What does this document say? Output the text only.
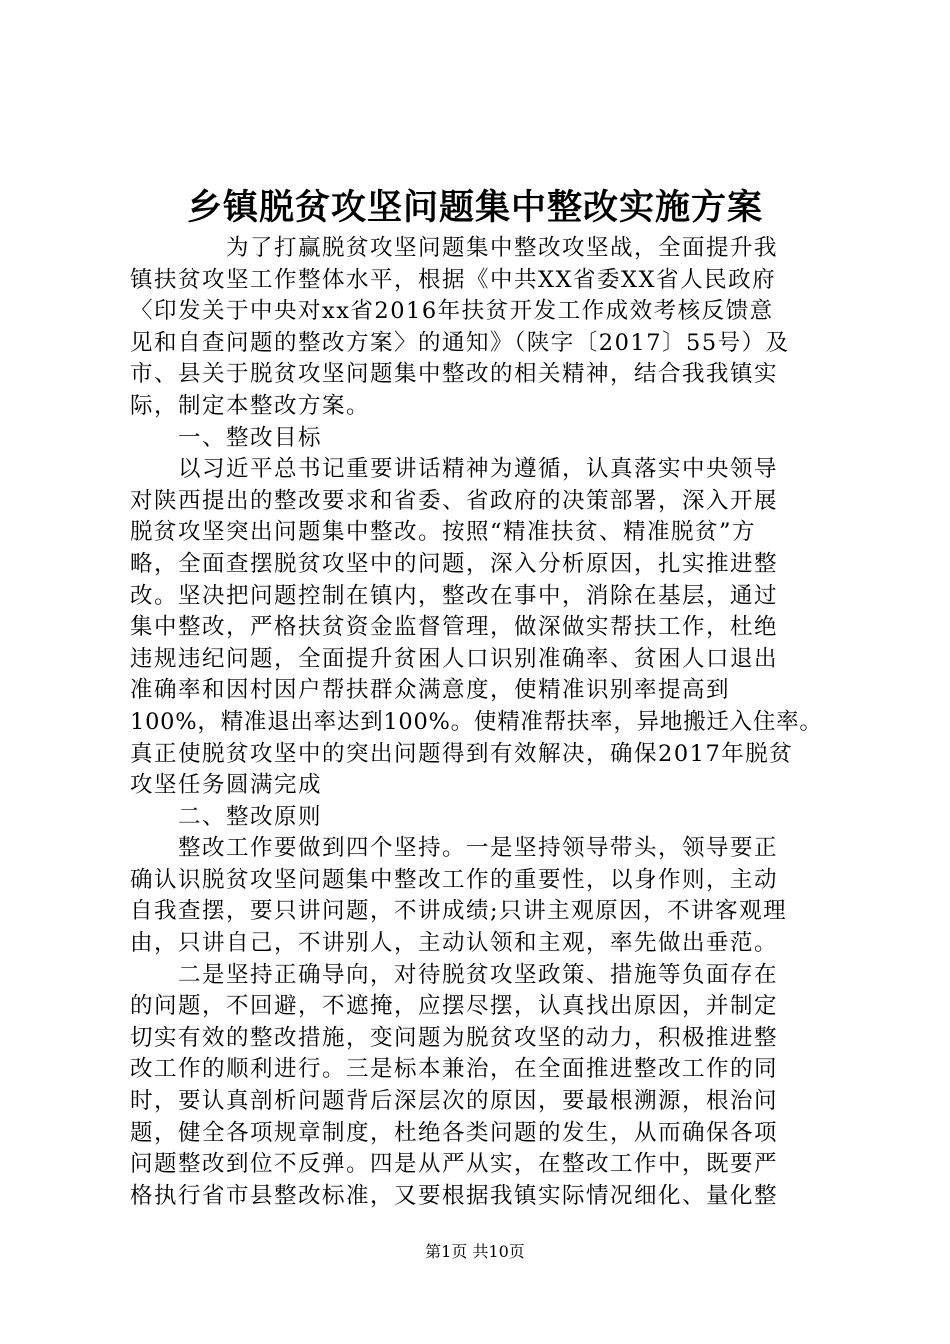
乡镇脱贫攻坚问题集中整改实施方案
　　　　为了打赢脱贫攻坚问题集中整改攻坚战，全面提升我
镇扶贫攻坚工作整体水平，根据《中共XX省委XX省人民政府
〈印发关于中央对xx省2016年扶贫开发工作成效考核反馈意
见和自查问题的整改方案〉的通知》（陕字〔2017〕55号）及
市、县关于脱贫攻坚问题集中整改的相关精神，结合我我镇实
际，制定本整改方案。
　　一、整改目标
　　以习近平总书记重要讲话精神为遵循，认真落实中央领导
对陕西提出的整改要求和省委、省政府的决策部署，深入开展
脱贫攻坚突出问题集中整改。按照“精准扶贫、精准脱贫”方
略，全面查摆脱贫攻坚中的问题，深入分析原因，扎实推进整
改。坚决把问题控制在镇内，整改在事中，消除在基层，通过
集中整改，严格扶贫资金监督管理，做深做实帮扶工作，杜绝
违规违纪问题，全面提升贫困人口识别准确率、贫困人口退出
准确率和因村因户帮扶群众满意度，使精准识别率提高到
100%，精准退出率达到100%。使精准帮扶率，异地搬迁入住率。
真正使脱贫攻坚中的突出问题得到有效解决，确保2017年脱贫
攻坚任务圆满完成
　　二、整改原则
　　整改工作要做到四个坚持。一是坚持领导带头，领导要正
确认识脱贫攻坚问题集中整改工作的重要性，以身作则，主动
自我查摆，要只讲问题，不讲成绩;只讲主观原因，不讲客观理
由，只讲自己，不讲别人，主动认领和主观，率先做出垂范。
　　二是坚持正确导向，对待脱贫攻坚政策、措施等负面存在
的问题，不回避，不遮掩，应摆尽摆，认真找出原因，并制定
切实有效的整改措施，变问题为脱贫攻坚的动力，积极推进整
改工作的顺利进行。三是标本兼治，在全面推进整改工作的同
时，要认真剖析问题背后深层次的原因，要最根溯源，根治问
题，健全各项规章制度，杜绝各类问题的发生，从而确保各项
问题整改到位不反弹。四是从严从实，在整改工作中，既要严
格执行省市县整改标准，又要根据我镇实际情况细化、量化整
第1页 共10页
